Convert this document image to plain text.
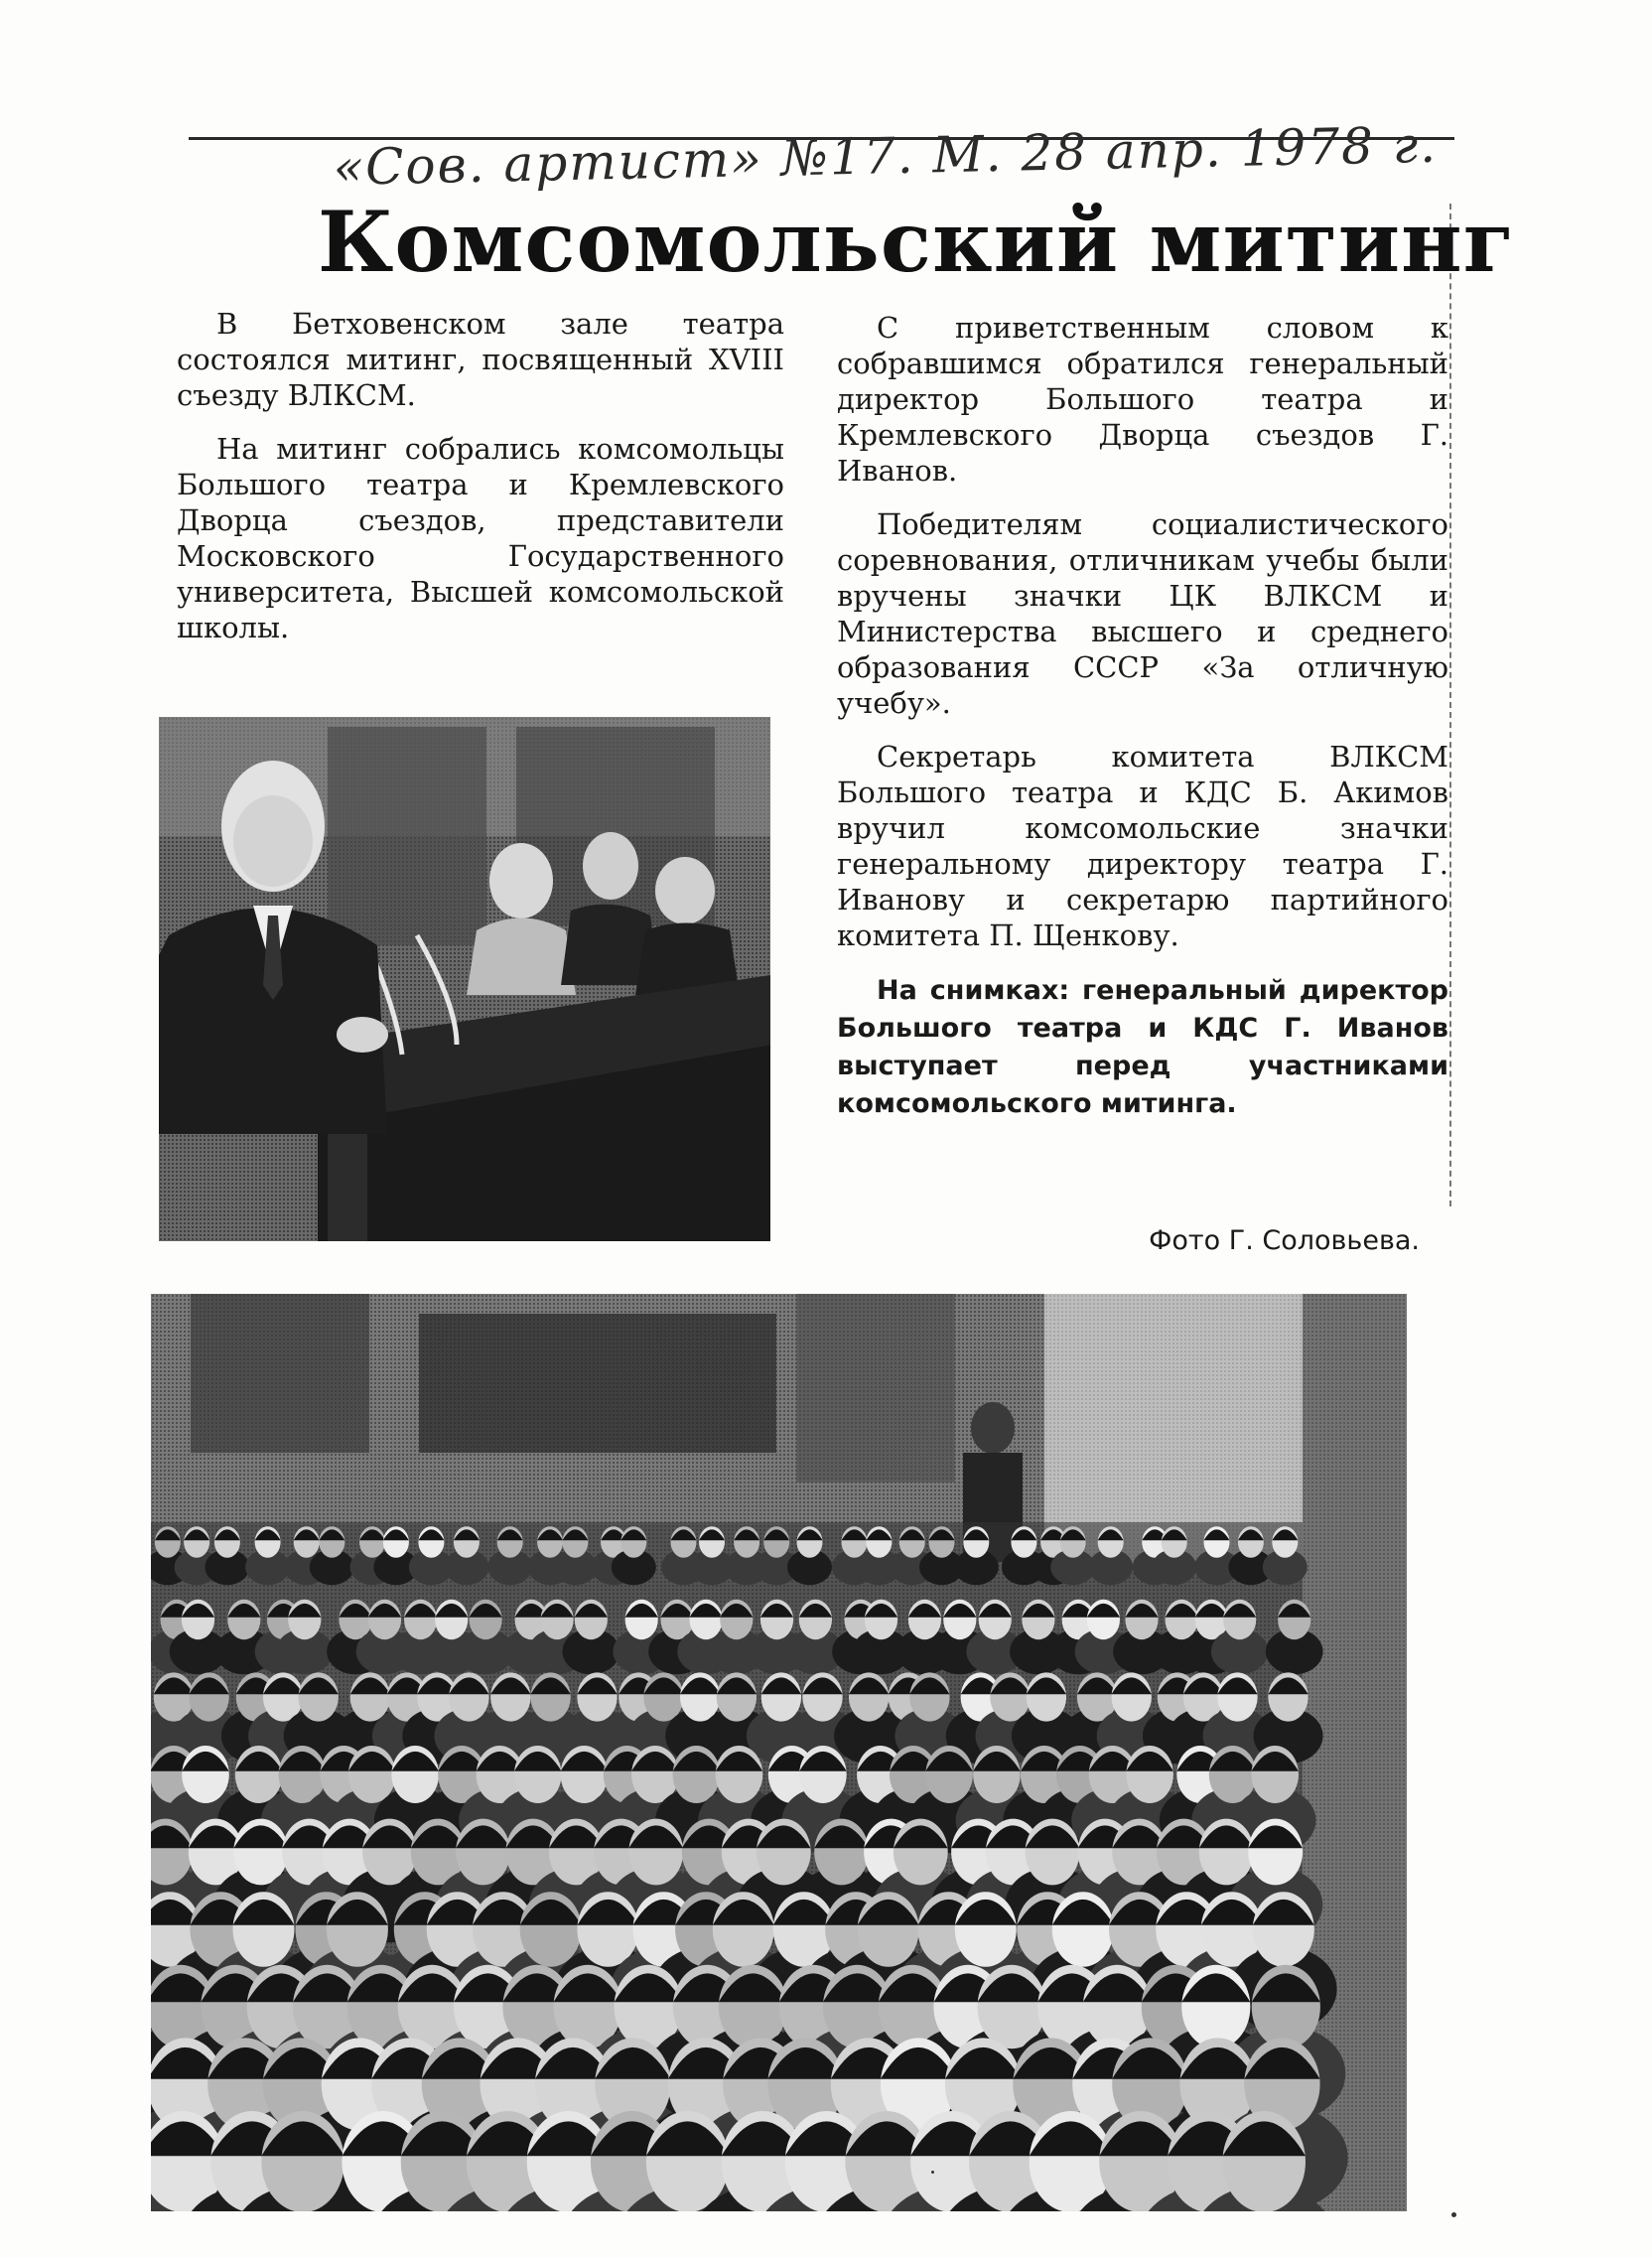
«Сов. артист» №17. М. 28 апр. 1978 г.
Комсомольский митинг

В Бетховенском зале театра состоялся митинг, посвященный XVIII съезду ВЛКСМ.

На митинг собрались комсомольцы Большого театра и Кремлевского Дворца съездов, представители Московского Государственного университета, Высшей комсомольской школы.

С приветственным словом к собравшимся обратился генеральный директор Большого театра и Кремлевского Дворца съездов Г. Иванов.

Победителям социалистического соревнования, отличникам учебы были вручены значки ЦК ВЛКСМ и Министерства высшего и среднего образования СССР «За отличную учебу».

Секретарь комитета ВЛКСМ Большого театра и КДС Б. Акимов вручил комсомольские значки генеральному директору театра Г. Иванову и секретарю партийного комитета П. Щенкову.

На снимках: генеральный директор Большого театра и КДС Г. Иванов выступает перед участниками комсомольского митинга.

Фото Г. Соловьева.
